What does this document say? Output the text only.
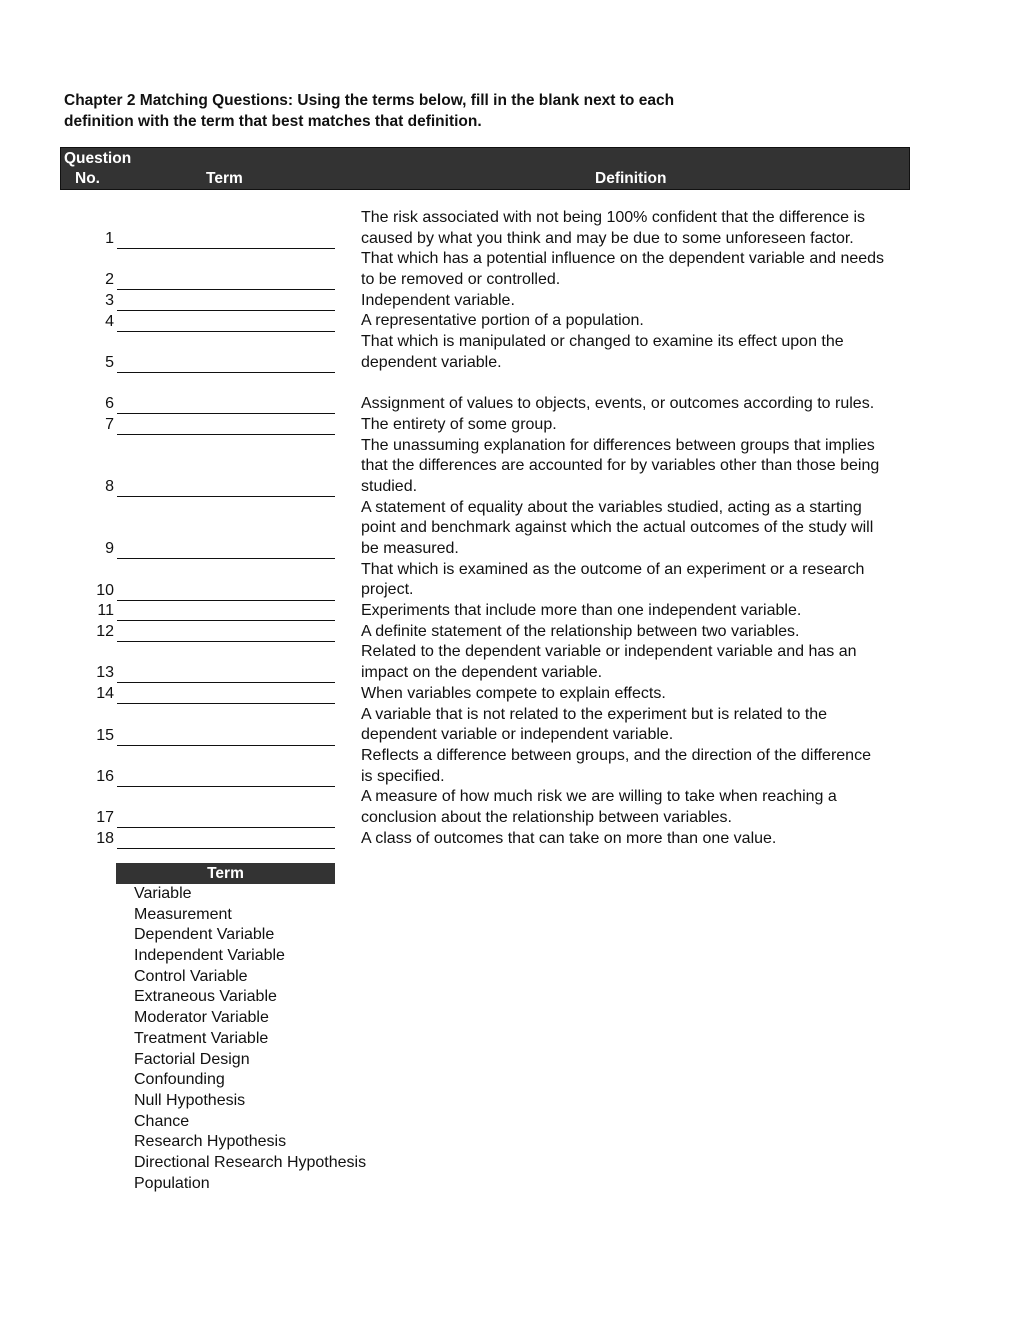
Chapter 2 Matching Questions: Using the terms below, fill in the blank next to each
definition with the term that best matches that definition.
Question
No.	Term	Definition
1
2
3
4
5
6
7
8
9
10
11
12
13
14
15
16
17
18
The risk associated with not being 100% confident that the difference is
caused by what you think and may be due to some unforeseen factor.
That which has a potential influence on the dependent variable and needs
to be removed or controlled.
Independent variable.
A representative portion of a population.
That which is manipulated or changed to examine its effect upon the
dependent variable.
Assignment of values to objects, events, or outcomes according to rules.
The entirety of some group.
The unassuming explanation for differences between groups that implies
that the differences are accounted for by variables other than those being
studied.
A statement of equality about the variables studied, acting as a starting
point and benchmark against which the actual outcomes of the study will
be measured.
That which is examined as the outcome of an experiment or a research
project.
Experiments that include more than one independent variable.
A definite statement of the relationship between two variables.
Related to the dependent variable or independent variable and has an
impact on the dependent variable.
When variables compete to explain effects.
A variable that is not related to the experiment but is related to the
dependent variable or independent variable.
Reflects a difference between groups, and the direction of the difference
is specified.
A measure of how much risk we are willing to take when reaching a
conclusion about the relationship between variables.
A class of outcomes that can take on more than one value.
Term
Variable
Measurement
Dependent Variable
Independent Variable
Control Variable
Extraneous Variable
Moderator Variable
Treatment Variable
Factorial Design
Confounding
Null Hypothesis
Chance
Research Hypothesis
Directional Research Hypothesis
Population
